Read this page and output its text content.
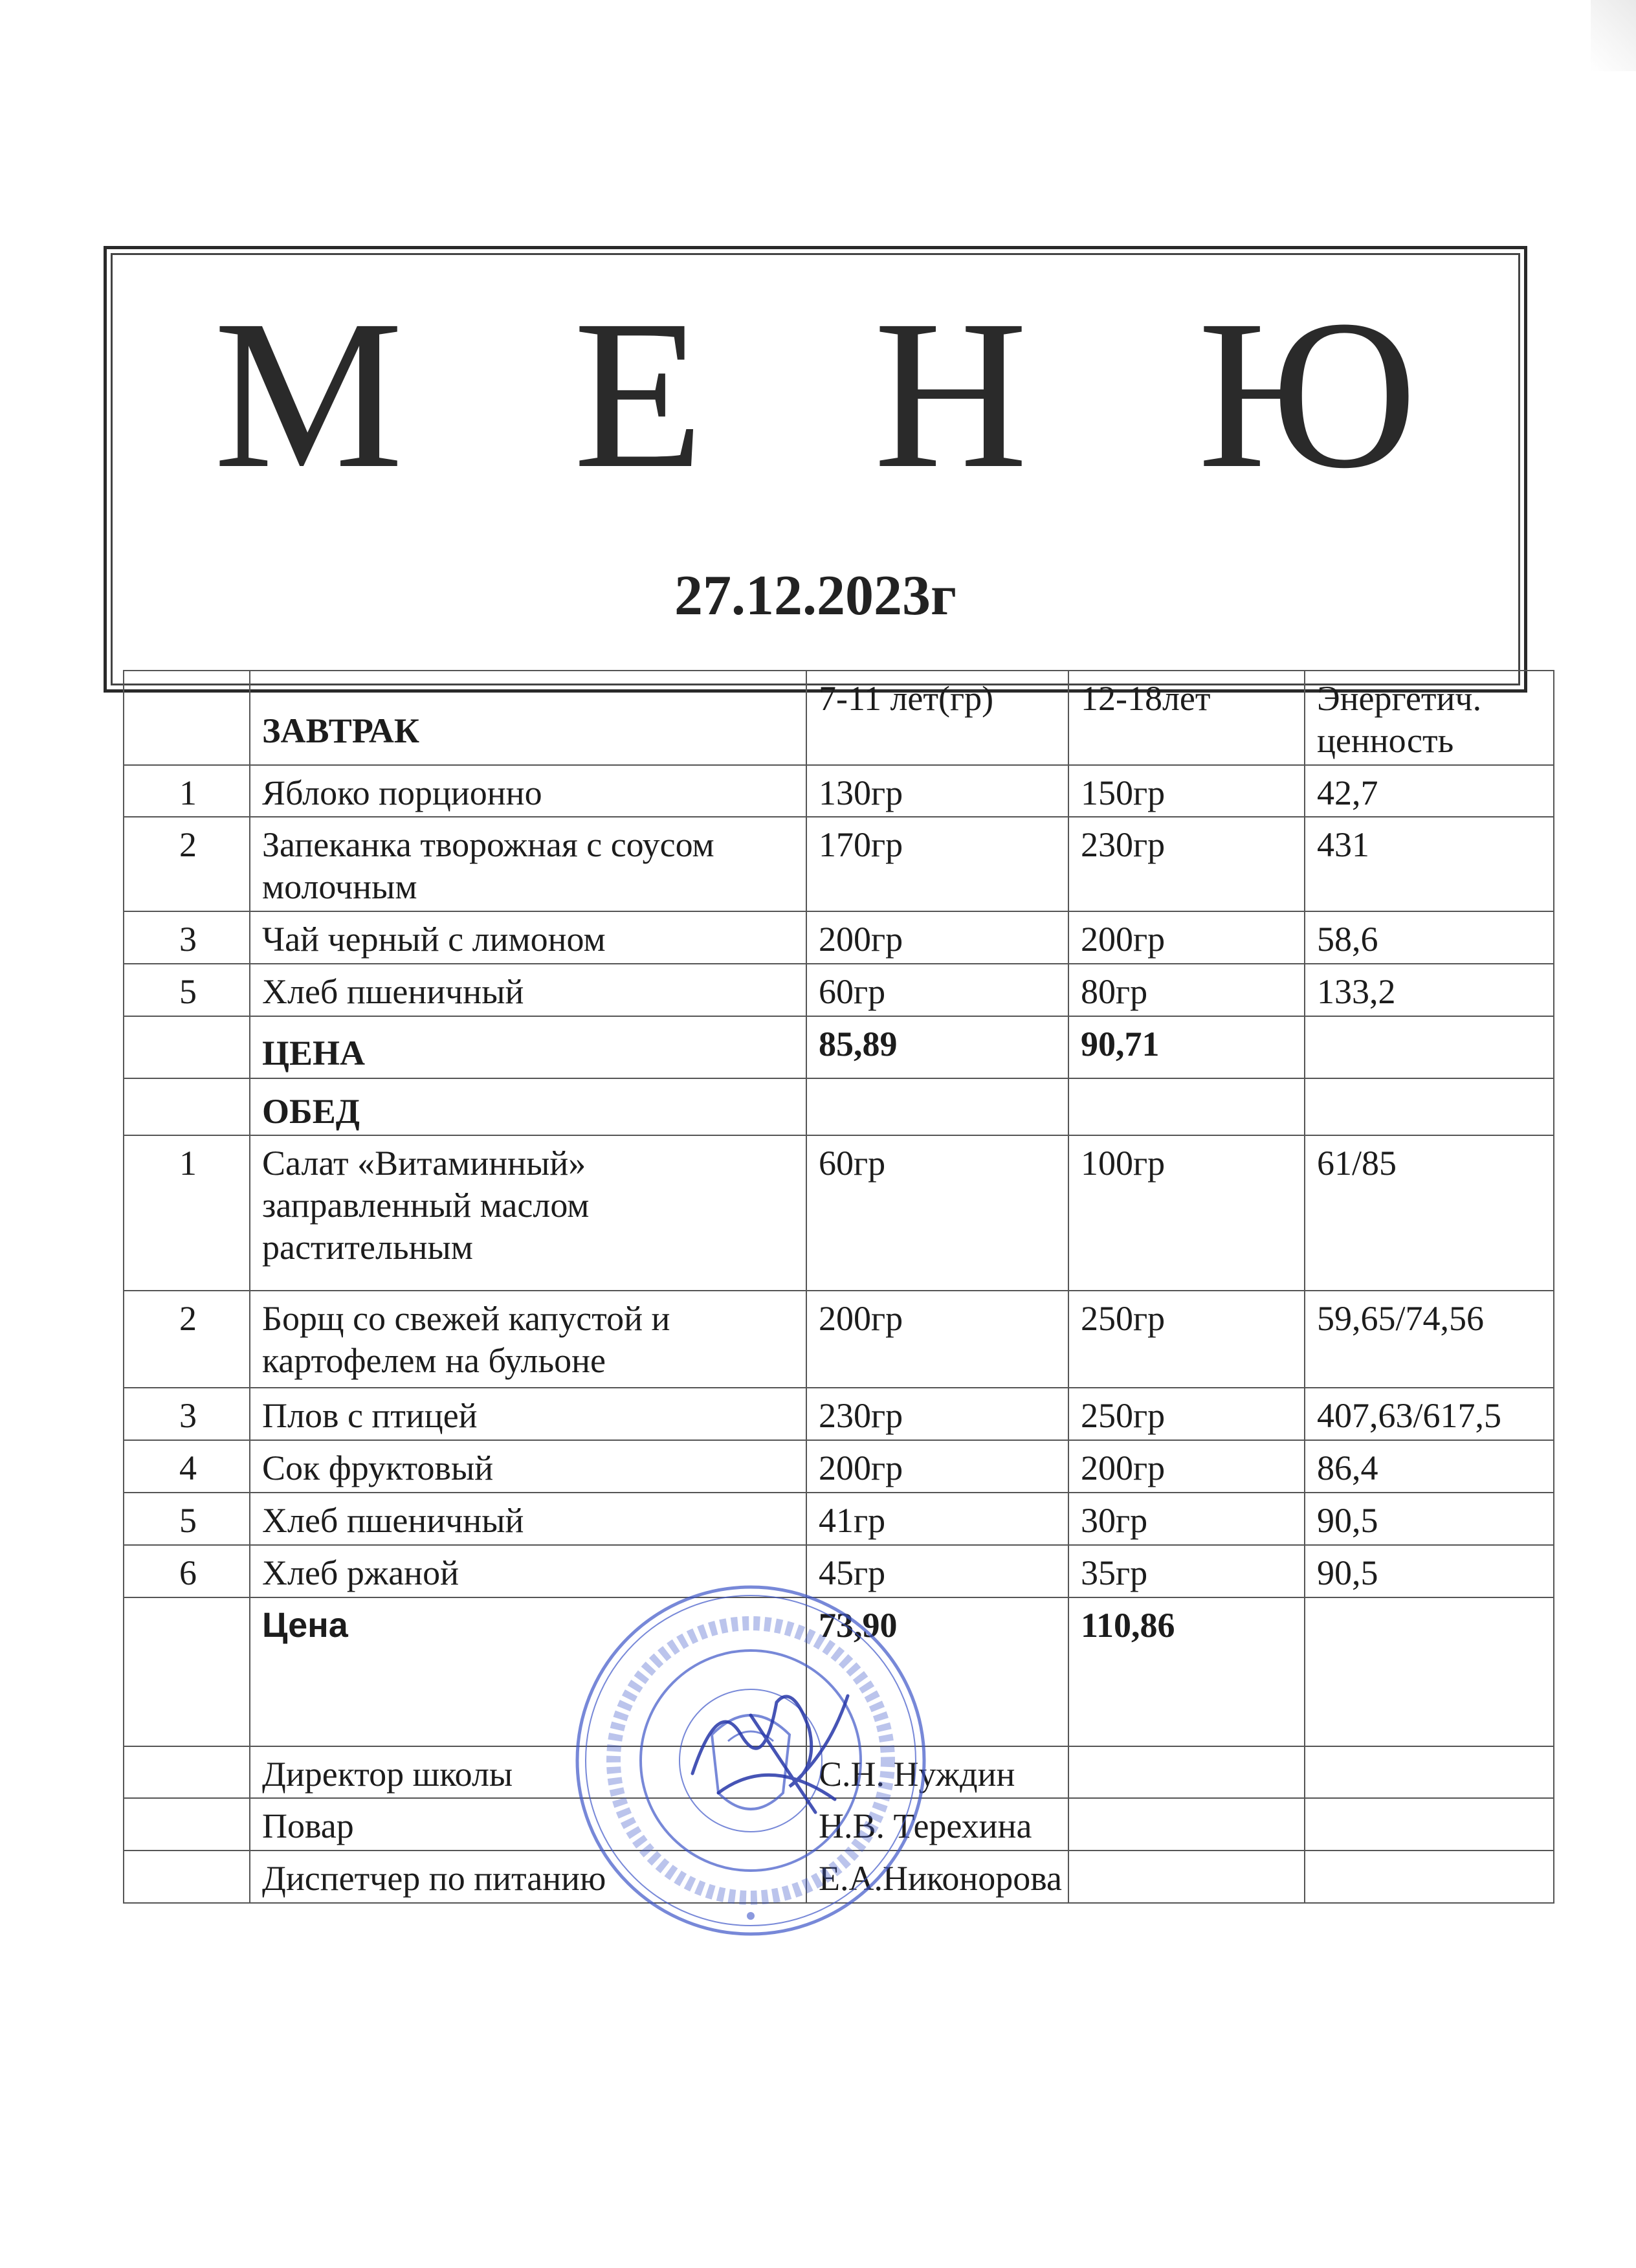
М Е Н Ю
27.12.2023г
	ЗАВТРАК	7-11 лет(гр)	12-18лет	Энергетич. ценность
1	Яблоко порционно	130гр	150гр	42,7
2	Запеканка творожная с соусом молочным	170гр	230гр	431
3	Чай черный с лимоном	200гр	200гр	58,6
5	Хлеб пшеничный	60гр	80гр	133,2
	ЦЕНА	85,89	90,71	
	ОБЕД			
1	Салат «Витаминный» заправленный маслом растительным	60гр	100гр	61/85
2	Борщ со свежей капустой и картофелем на бульоне	200гр	250гр	59,65/74,56
3	Плов с птицей	230гр	250гр	407,63/617,5
4	Сок фруктовый	200гр	200гр	86,4
5	Хлеб пшеничный	41гр	30гр	90,5
6	Хлеб ржаной	45гр	35гр	90,5
	Цена	73,90	110,86	
	Директор школы	С.Н. Нуждин		
	Повар	Н.В. Терехина		
	Диспетчер по питанию	Е.А.Никонорова		
